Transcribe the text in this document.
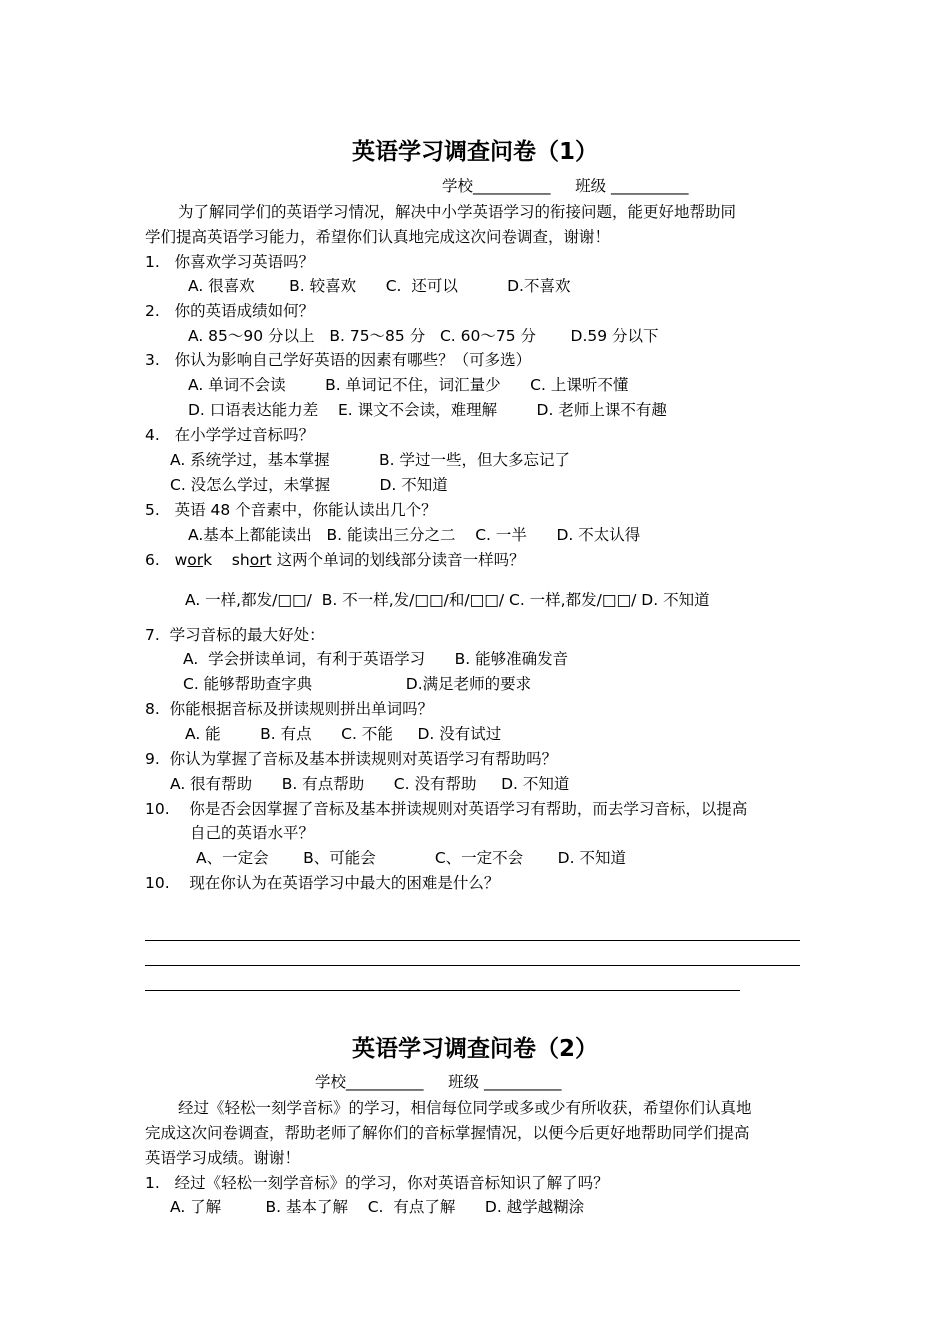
英语学习调查问卷（1）
学校__________     班级 __________
为了解同学们的英语学习情况，解决中小学英语学习的衔接问题，能更好地帮助同
学们提高英语学习能力，希望你们认真地完成这次问卷调查，谢谢！
1.   你喜欢学习英语吗？
A. 很喜欢       B. 较喜欢      C.  还可以          D.不喜欢
2.   你的英语成绩如何？
A. 85～90 分以上   B. 75～85 分   C. 60～75 分       D.59 分以下
3.   你认为影响自己学好英语的因素有哪些？（可多选）
A. 单词不会读        B. 单词记不住，词汇量少      C. 上课听不懂
D. 口语表达能力差    E. 课文不会读，难理解        D. 老师上课不有趣
4.   在小学学过音标吗？
A. 系统学过，基本掌握          B. 学过一些，但大多忘记了
C. 没怎么学过，未掌握          D. 不知道
5.   英语 48 个音素中，你能认读出几个？
A.基本上都能读出   B. 能读出三分之二    C. 一半      D. 不太认得
6.   work    short 这两个单词的划线部分读音一样吗？
A. 一样,都发/□□/  B. 不一样,发/□□/和/□□/ C. 一样,都发/□□/ D. 不知道
7.  学习音标的最大好处：
A.  学会拼读单词，有利于英语学习      B. 能够准确发音
C. 能够帮助查字典                   D.满足老师的要求
8.  你能根据音标及拼读规则拼出单词吗？
A. 能        B. 有点      C. 不能     D. 没有试过
9.  你认为掌握了音标及基本拼读规则对英语学习有帮助吗？
A. 很有帮助      B. 有点帮助      C. 没有帮助     D. 不知道
10.    你是否会因掌握了音标及基本拼读规则对英语学习有帮助，而去学习音标，以提高
自己的英语水平？
A、一定会       B、可能会            C、一定不会       D. 不知道
10.    现在你认为在英语学习中最大的困难是什么？
英语学习调查问卷（2）
学校__________     班级 __________
经过《轻松一刻学音标》的学习，相信每位同学或多或少有所收获，希望你们认真地
完成这次问卷调查，帮助老师了解你们的音标掌握情况，以便今后更好地帮助同学们提高
英语学习成绩。谢谢！
1.   经过《轻松一刻学音标》的学习，你对英语音标知识了解了吗？
A. 了解         B. 基本了解    C.  有点了解      D. 越学越糊涂
